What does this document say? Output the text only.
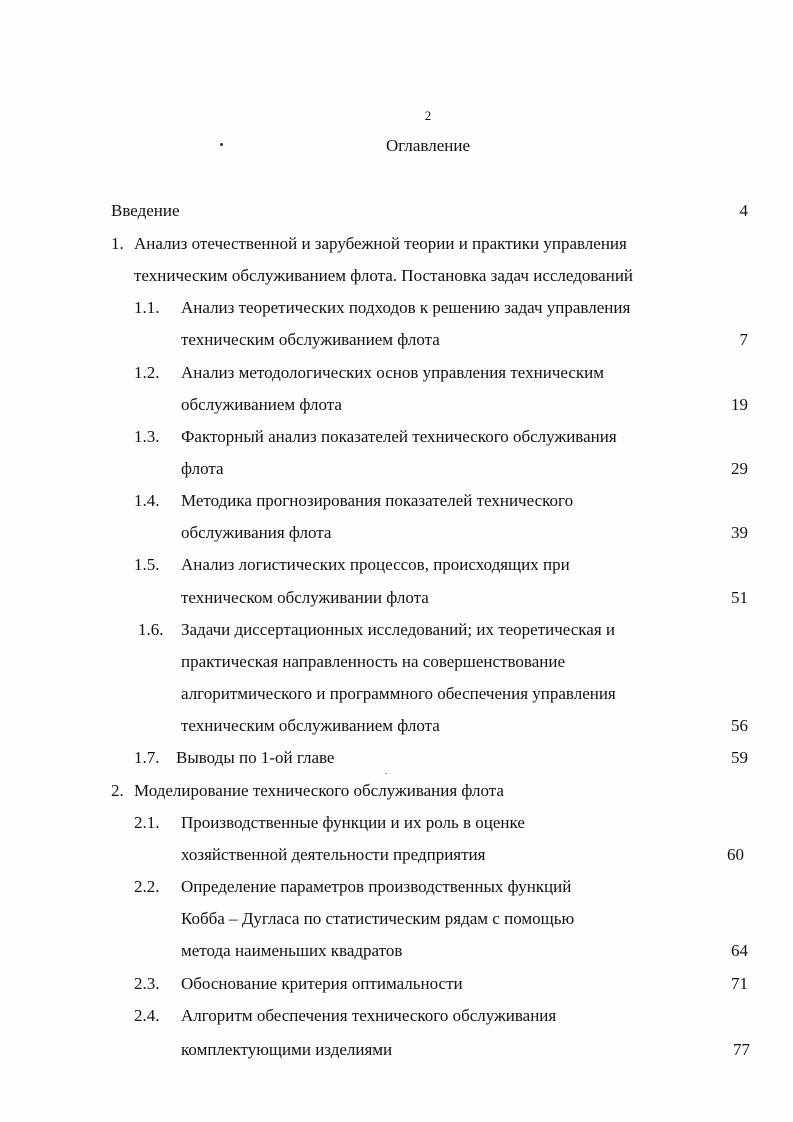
2
Оглавление
Введение	4
1. Анализ отечественной и зарубежной теории и практики управления
техническим обслуживанием флота. Постановка задач исследований
1.1. Анализ теоретических подходов к решению задач управления
техническим обслуживанием флота	7
1.2. Анализ методологических основ управления техническим
обслуживанием флота	19
1.3. Факторный анализ показателей технического обслуживания
флота	29
1.4. Методика прогнозирования показателей технического
обслуживания флота	39
1.5. Анализ логистических процессов, происходящих при
техническом обслуживании флота	51
1.6. Задачи диссертационных исследований; их теоретическая и
практическая направленность на совершенствование
алгоритмического и программного обеспечения управления
техническим обслуживанием флота	56
1.7. Выводы по 1-ой главе	59
2. Моделирование технического обслуживания флота
2.1. Производственные функции и их роль в оценке
хозяйственной деятельности предприятия	60
2.2. Определение параметров производственных функций
Кобба – Дугласа по статистическим рядам с помощью
метода наименьших квадратов	64
2.3. Обоснование критерия оптимальности	71
2.4. Алгоритм обеспечения технического обслуживания
комплектующими изделиями	77
